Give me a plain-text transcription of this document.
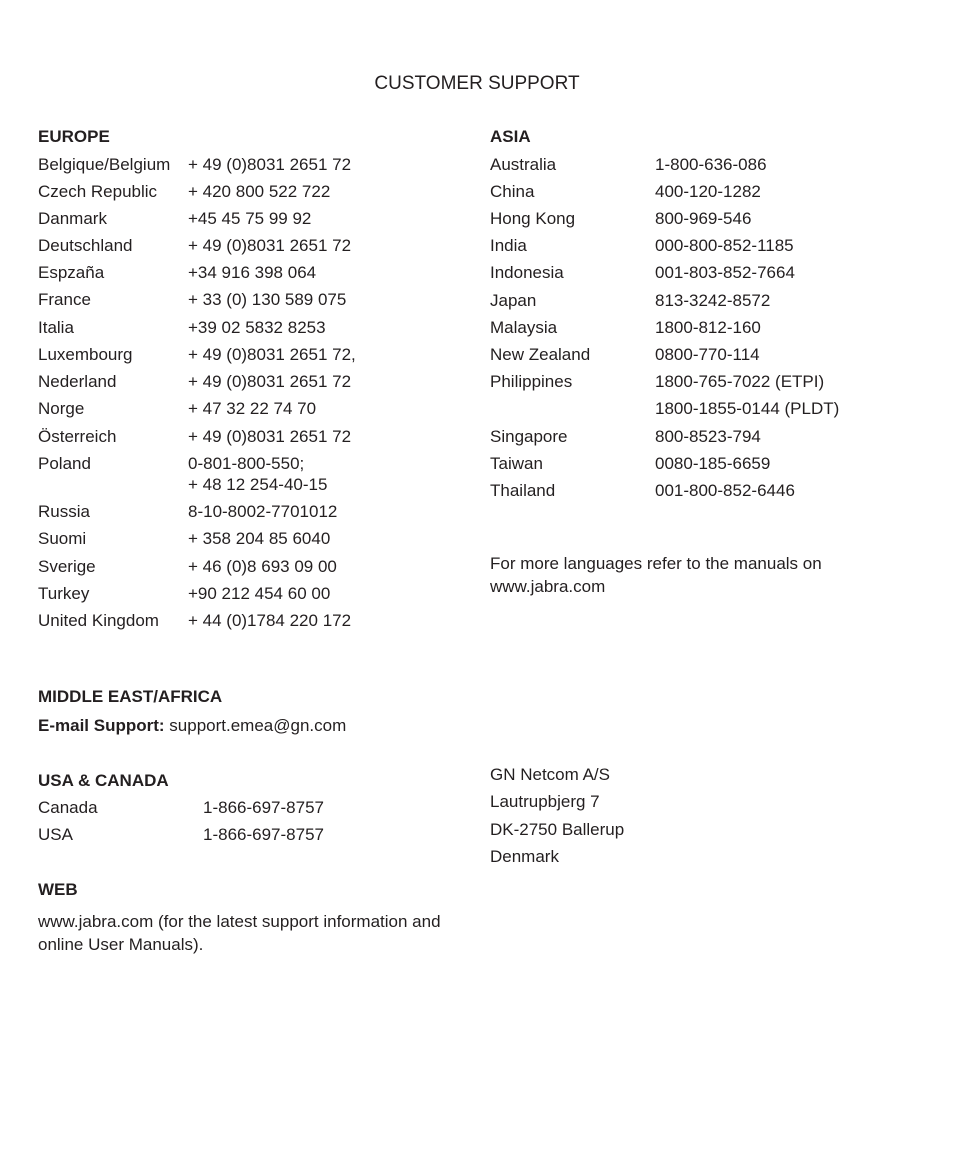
CUSTOMER SUPPORT
EUROPE
Belgique/Belgium + 49 (0)8031 2651 72
Czech Republic + 420 800 522 722
Danmark	+45 45 75 99 92
Deutschland	+ 49 (0)8031 2651 72
Espzaña	+34 916 398 064
France	+ 33 (0) 130 589 075
Italia	+39 02 5832 8253
Luxembourg	+ 49 (0)8031 2651 72,
Nederland	+ 49 (0)8031 2651 72
Norge	+ 47 32 22 74 70
Österreich	+ 49 (0)8031 2651 72
Poland	0-801-800-550;
+ 48 12 254-40-15
Russia	8-10-8002-7701012
Suomi	+ 358 204 85 6040
Sverige	+ 46 (0)8 693 09 00
Turkey	+90 212 454 60 00
United Kingdom + 44 (0)1784 220 172
ASIA
Australia	1-800-636-086
China	400-120-1282
Hong Kong	800-969-546
India	000-800-852-1185
Indonesia	001-803-852-7664
Japan	813-3242-8572
Malaysia	1800-812-160
New Zealand	0800-770-114
Philippines	1800-765-7022 (ETPI)
1800-1855-0144 (PLDT)
Singapore	800-8523-794
Taiwan	0080-185-6659
Thailand	001-800-852-6446
For more languages refer to the manuals on
www.jabra.com
MIDDLE EAST/AFRICA
E-mail Support: support.emea@gn.com
USA & CANADA
Canada	1-866-697-8757
USA	1-866-697-8757
WEB
www.jabra.com (for the latest support information and
online User Manuals).
GN Netcom A/S
Lautrupbjerg 7
DK-2750 Ballerup
Denmark
